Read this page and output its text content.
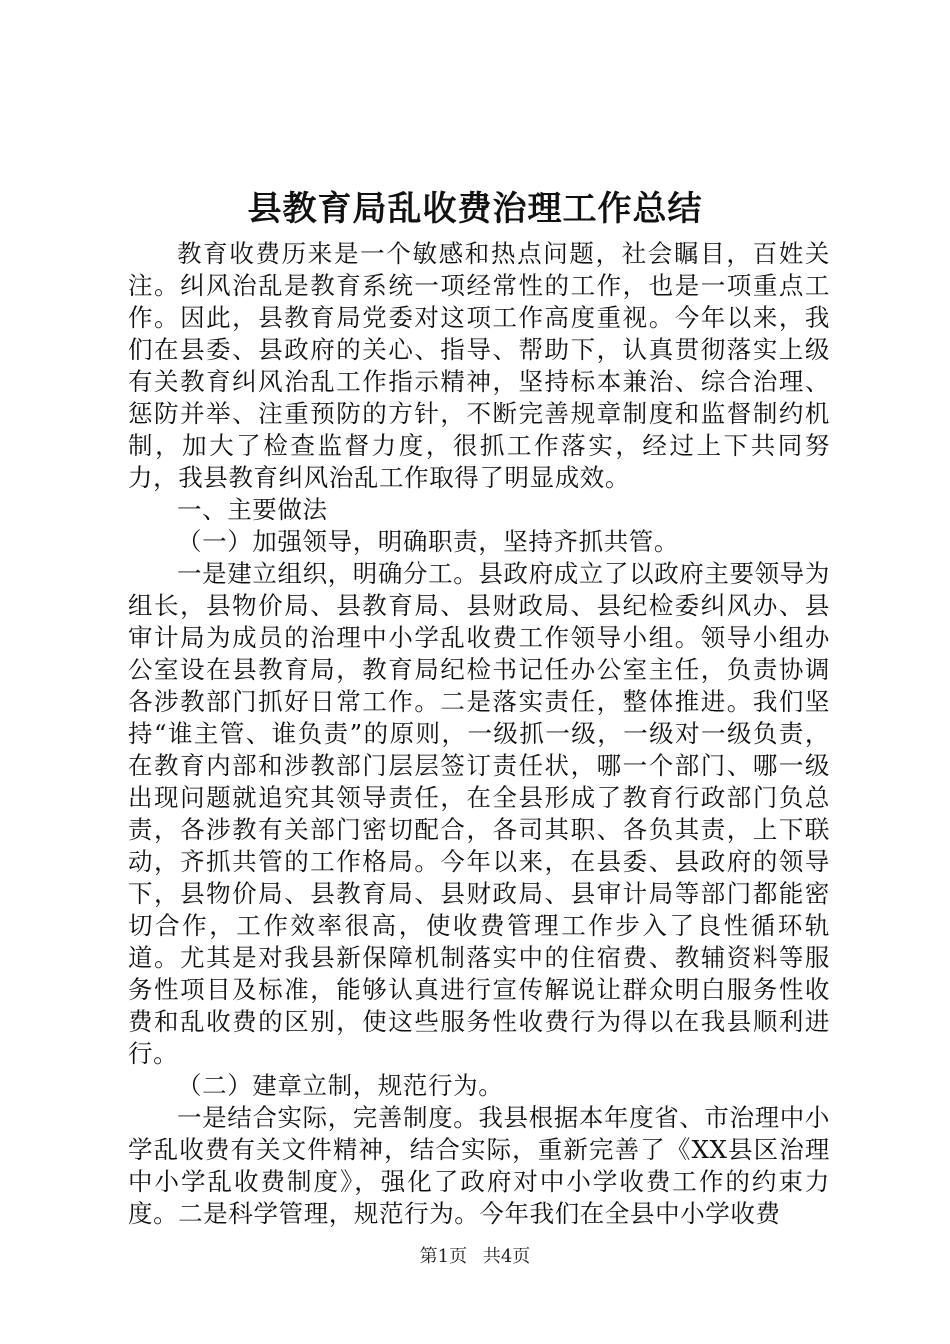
县教育局乱收费治理工作总结

教育收费历来是一个敏感和热点问题，社会瞩目，百姓关注。纠风治乱是教育系统一项经常性的工作，也是一项重点工作。因此，县教育局党委对这项工作高度重视。今年以来，我们在县委、县政府的关心、指导、帮助下，认真贯彻落实上级有关教育纠风治乱工作指示精神，坚持标本兼治、综合治理、惩防并举、注重预防的方针，不断完善规章制度和监督制约机制，加大了检查监督力度，很抓工作落实，经过上下共同努力，我县教育纠风治乱工作取得了明显成效。

一、主要做法

（一）加强领导，明确职责，坚持齐抓共管。

一是建立组织，明确分工。县政府成立了以政府主要领导为组长，县物价局、县教育局、县财政局、县纪检委纠风办、县审计局为成员的治理中小学乱收费工作领导小组。领导小组办公室设在县教育局，教育局纪检书记任办公室主任，负责协调各涉教部门抓好日常工作。二是落实责任，整体推进。我们坚持“谁主管、谁负责”的原则，一级抓一级，一级对一级负责，在教育内部和涉教部门层层签订责任状，哪一个部门、哪一级出现问题就追究其领导责任，在全县形成了教育行政部门负总责，各涉教有关部门密切配合，各司其职、各负其责，上下联动，齐抓共管的工作格局。今年以来，在县委、县政府的领导下，县物价局、县教育局、县财政局、县审计局等部门都能密切合作，工作效率很高，使收费管理工作步入了良性循环轨道。尤其是对我县新保障机制落实中的住宿费、教辅资料等服务性项目及标准，能够认真进行宣传解说让群众明白服务性收费和乱收费的区别，使这些服务性收费行为得以在我县顺利进行。

（二）建章立制，规范行为。

一是结合实际，完善制度。我县根据本年度省、市治理中小学乱收费有关文件精神，结合实际，重新完善了《XX县区治理中小学乱收费制度》，强化了政府对中小学收费工作的约束力度。二是科学管理，规范行为。今年我们在全县中小学收费

第1页 共4页
